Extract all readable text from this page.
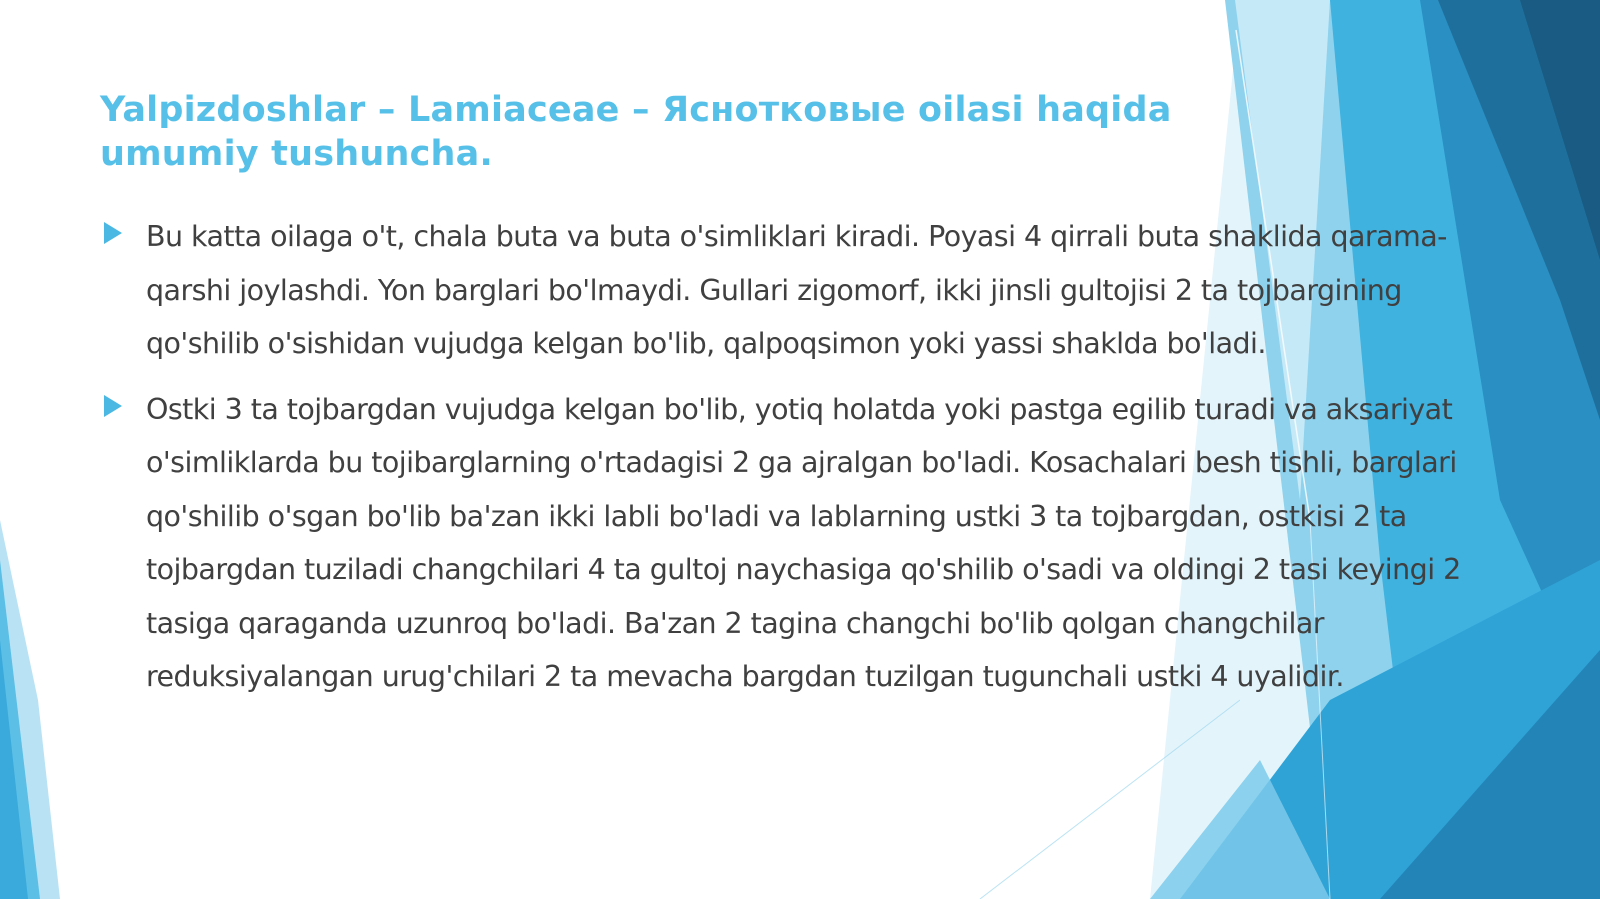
Yalpizdoshlar – Lamiaceae – Яснотковые oilasi haqida umumiy tushuncha.
Bu katta oilaga o't, chala buta va buta o'simliklari kiradi. Poyasi 4 qirrali buta shaklida qarama-qarshi joylashdi. Yon barglari bo'lmaydi. Gullari zigomorf, ikki jinsli gultojisi 2 ta tojbargining qo'shilib o'sishidan vujudga kelgan bo'lib, qalpoqsimon yoki yassi shakldа bo'ladi.
Ostki 3 ta tojbargdan vujudga kelgan bo'lib, yotiq holatda yoki pastga egilib turadi va aksariyat o'simliklarda bu tojibarglarning o'rtadagisi 2 ga ajralgan bo'ladi. Kosachalari besh tishli, barglari qo'shilib o'sgan bo'lib ba'zan ikki labli bo'ladi va lablarning ustki 3 ta tojbargdan, ostkisi 2 ta tojbargdan tuziladi changchilari 4 ta gultoj naychasiga qo'shilib o'sadi va oldingi 2 tasi keyingi 2 tasiga qaraganda uzunroq bo'ladi. Ba'zan 2 tagina changchi bo'lib qolgan changchilar reduksiyalangan urug'chilari 2 ta mevacha bargdan tuzilgan tugunchali ustki 4 uyalidir.
